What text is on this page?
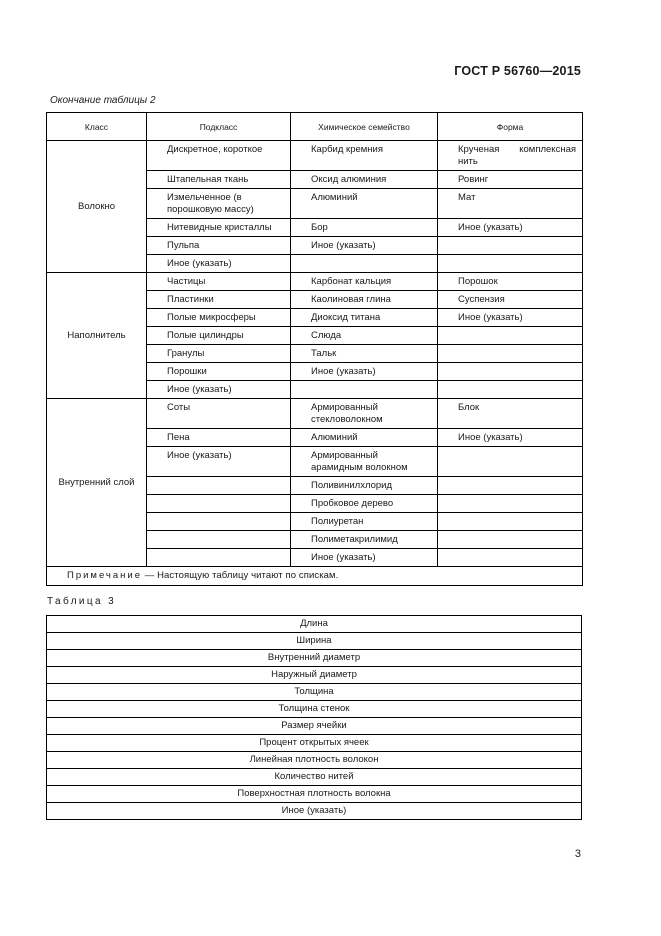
ГОСТ Р 56760—2015
Окончание таблицы 2
Класс	Подкласс	Химическое семейство	Форма
Волокно	Дискретное, короткое	Карбид кремния	Крученая комплексная нить
	Штапельная ткань	Оксид алюминия	Ровинг
	Измельченное (в порошковую массу)	Алюминий	Мат
	Нитевидные кристаллы	Бор	Иное (указать)
	Пульпа	Иное (указать)	
	Иное (указать)		
Наполнитель	Частицы	Карбонат кальция	Порошок
	Пластинки	Каолиновая глина	Суспензия
	Полые микросферы	Диоксид титана	Иное (указать)
	Полые цилиндры	Слюда	
	Гранулы	Тальк	
	Порошки	Иное (указать)	
	Иное (указать)		
Внутренний слой	Соты	Армированный стекловолокном	Блок
	Пена	Алюминий	Иное (указать)
	Иное (указать)	Армированный арамидным волокном	
		Поливинилхлорид	
		Пробковое дерево	
		Полиуретан	
		Полиметакрилимид	
		Иное (указать)	
Примечание — Настоящую таблицу читают по спискам.			
Таблица 3
Длина
Ширина
Внутренний диаметр
Наружный диаметр
Толщина
Толщина стенок
Размер ячейки
Процент открытых ячеек
Линейная плотность волокон
Количество нитей
Поверхностная плотность волокна
Иное (указать)
3
